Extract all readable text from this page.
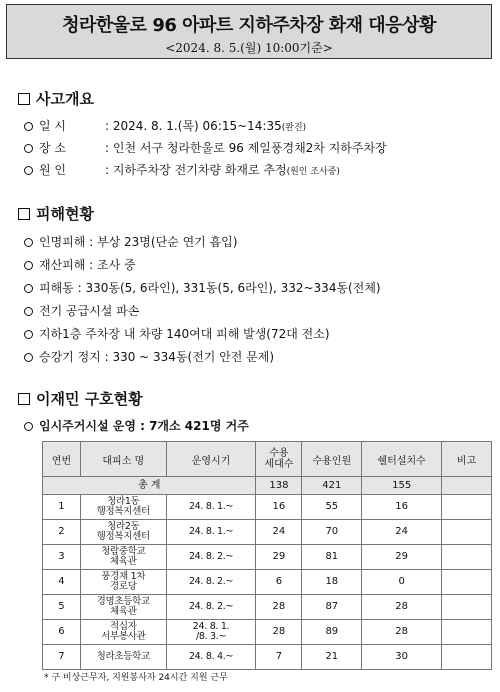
청라한울로 96 아파트 지하주차장 화재 대응상황
<2024. 8. 5.(월) 10:00기준>
사고개요
일 시	: 2024. 8. 1.(목) 06:15~14:35(완진)
장 소	: 인천 서구 청라한울로 96 제일풍경채2차 지하주차장
원 인	: 지하주차장 전기차량 화재로 추정(원인 조사중)
피해현황
인명피해 : 부상 23명(단순 연기 흡입)
재산피해 : 조사 중
피해동 : 330동(5, 6라인), 331동(5, 6라인), 332~334동(전체)
전기 공급시설 파손
지하1층 주차장 내 차량 140여대 피해 발생(72대 전소)
승강기 정지 : 330 ~ 334동(전기 안전 문제)
이재민 구호현황
임시주거시설 운영 : 7개소 421명 거주
연번	대피소 명	운영시기	수용
세대수	수용인원	쉘터설치수	비고
총 계			138	421	155	
1	청라1동
행정복지센터	24. 8. 1.~	16	55	16	
2	청라2동
행정복지센터	24. 8. 1.~	24	70	24	
3	청람중학교
체육관	24. 8. 2.~	29	81	29	
4	풍경채 1차
경로당	24. 8. 2.~	6	18	0	
5	경명초등학교
체육관	24. 8. 2.~	28	87	28	
6	적십자
서부봉사관	24. 8. 1.
/8. 3.~	28	89	28	
7	청라초등학교	24. 8. 4.~	7	21	30	
* 구 비상근무자, 지원봉사자 24시간 지원 근무
